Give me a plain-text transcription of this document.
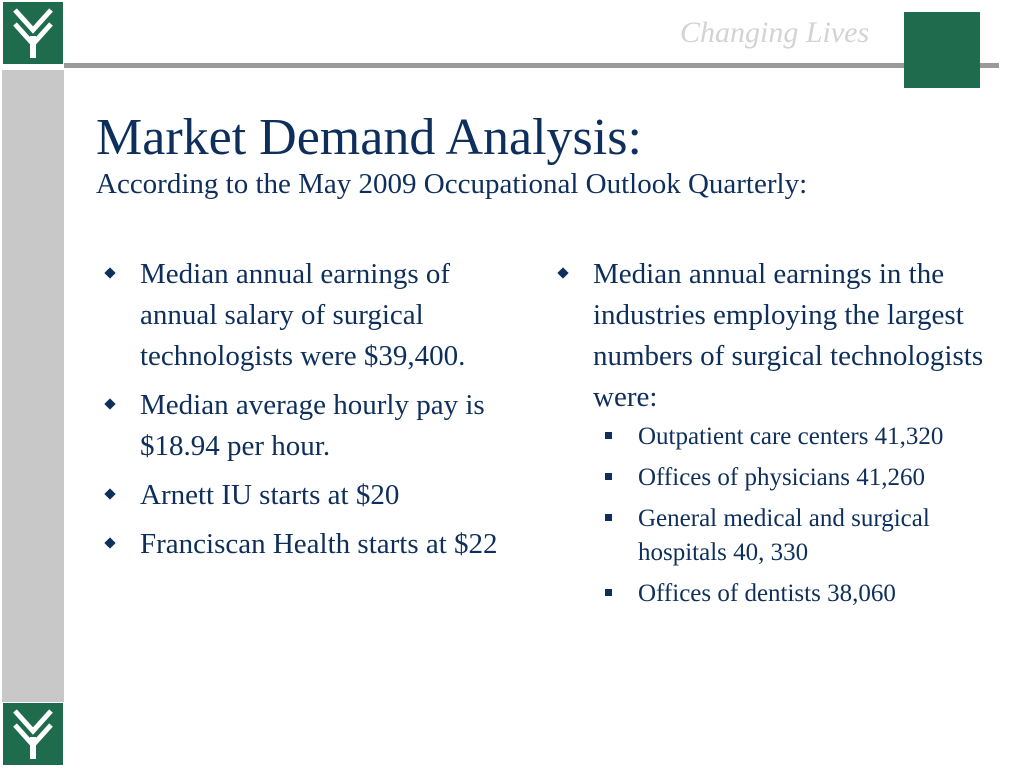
Changing Lives
Market Demand Analysis:
According to the May 2009 Occupational Outlook Quarterly:
Median annual earnings of annual salary of surgical technologists were $39,400.
Median average hourly pay is $18.94 per hour.
Arnett IU starts at $20
Franciscan Health starts at $22
Median annual earnings in the industries employing the largest numbers of surgical technologists were:
Outpatient care centers 41,320
Offices of physicians 41,260
General medical and surgical hospitals 40, 330
Offices of dentists 38,060
